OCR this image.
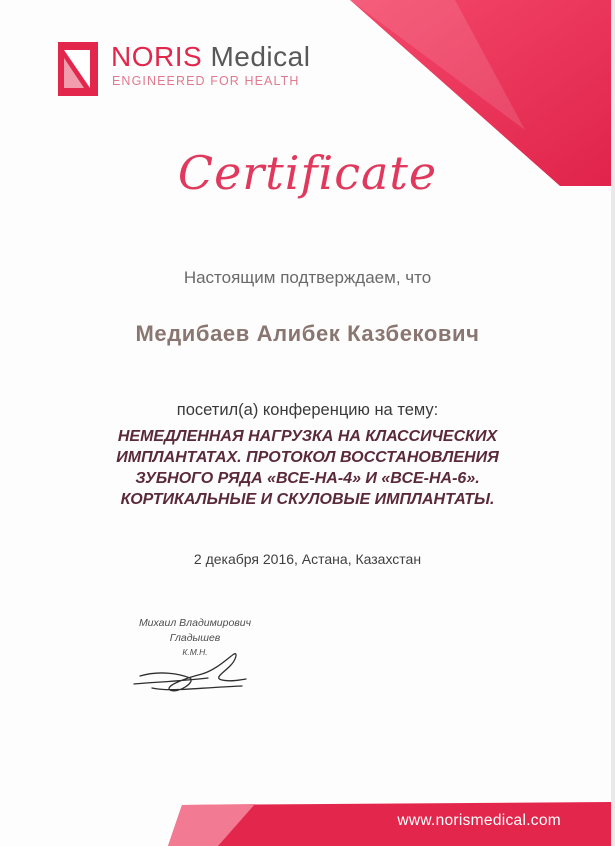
NORIS Medical
ENGINEERED FOR HEALTH
Certificate
Настоящим подтверждаем, что
Медибаев Алибек Казбекович
посетил(а) конференцию на тему:
НЕМЕДЛЕННАЯ НАГРУЗКА НА КЛАССИЧЕСКИХ
ИМПЛАНТАТАХ. ПРОТОКОЛ ВОССТАНОВЛЕНИЯ
ЗУБНОГО РЯДА «ВСЕ-НА-4» И «ВСЕ-НА-6».
КОРТИКАЛЬНЫЕ И СКУЛОВЫЕ ИМПЛАНТАТЫ.
2 декабря 2016, Астана, Казахстан
Михаил Владимирович
Гладышев
К.М.Н.
www.norismedical.com
